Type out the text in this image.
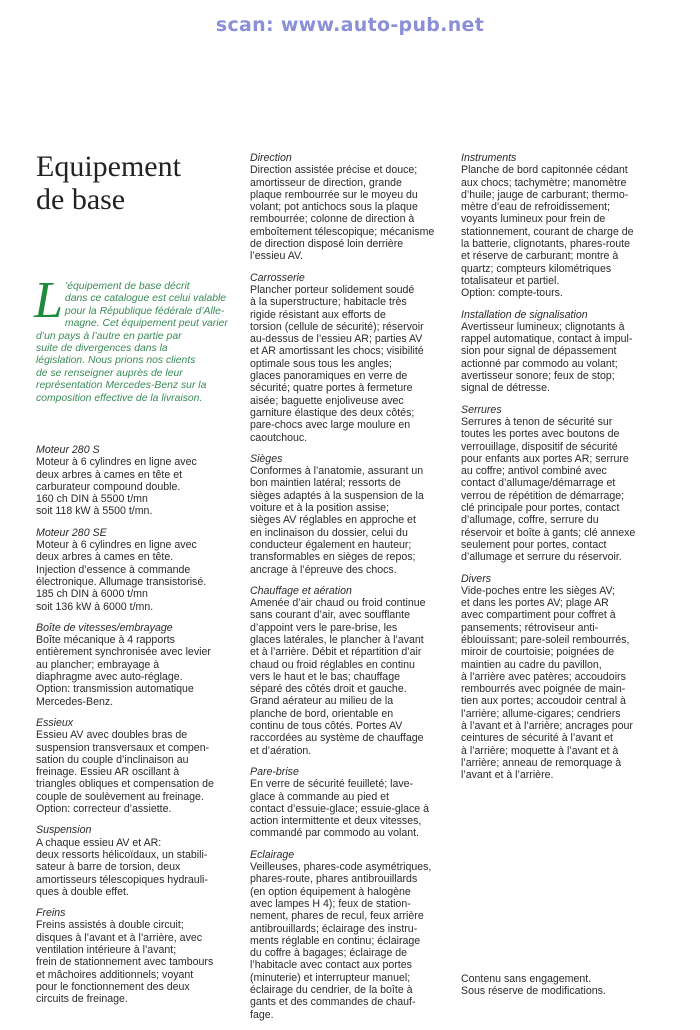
scan: www.auto-pub.net
Equipement
de base
L ’équipement de base décrit
dans ce catalogue est celui valable
pour la République fédérale d’Alle-
magne. Cet équipement peut varier
d’un pays à l’autre en partie par
suite de divergences dans la
législation. Nous prions nos clients
de se renseigner auprès de leur
représentation Mercedes-Benz sur la
composition effective de la livraison.
Moteur 280 S
Moteur à 6 cylindres en ligne avec
deux arbres à cames en tête et
carburateur compound double.
160 ch DIN à 5500 t/mn
soit 118 kW à 5500 t/mn.
Moteur 280 SE
Moteur à 6 cylindres en ligne avec
deux arbres à cames en tête.
Injection d’essence à commande
électronique. Allumage transistorisé.
185 ch DIN à 6000 t/mn
soit 136 kW à 6000 t/mn.
Boîte de vitesses/embrayage
Boîte mécanique à 4 rapports
entièrement synchronisée avec levier
au plancher; embrayage à
diaphragme avec auto-réglage.
Option: transmission automatique
Mercedes-Benz.
Essieux
Essieu AV avec doubles bras de
suspension transversaux et compen-
sation du couple d’inclinaison au
freinage. Essieu AR oscillant à
triangles obliques et compensation de
couple de soulèvement au freinage.
Option: correcteur d’assiette.
Suspension
A chaque essieu AV et AR:
deux ressorts hélicoïdaux, un stabili-
sateur à barre de torsion, deux
amortisseurs télescopiques hydrauli-
ques à double effet.
Freins
Freins assistés à double circuit;
disques à l’avant et à l’arrière, avec
ventilation intérieure à l’avant;
frein de stationnement avec tambours
et mâchoires additionnels; voyant
pour le fonctionnement des deux
circuits de freinage.
Direction
Direction assistée précise et douce;
amortisseur de direction, grande
plaque rembourrée sur le moyeu du
volant; pot antichocs sous la plaque
rembourrée; colonne de direction à
emboîtement télescopique; mécanisme
de direction disposé loin derrière
l’essieu AV.
Carrosserie
Plancher porteur solidement soudé
à la superstructure; habitacle très
rigide résistant aux efforts de
torsion (cellule de sécurité); réservoir
au-dessus de l’essieu AR; parties AV
et AR amortissant les chocs; visibilité
optimale sous tous les angles;
glaces panoramiques en verre de
sécurité; quatre portes à fermeture
aisée; baguette enjoliveuse avec
garniture élastique des deux côtés;
pare-chocs avec large moulure en
caoutchouc.
Sièges
Conformes à l’anatomie, assurant un
bon maintien latéral; ressorts de
sièges adaptés à la suspension de la
voiture et à la position assise;
sièges AV réglables en approche et
en inclinaison du dossier, celui du
conducteur également en hauteur;
transformables en sièges de repos;
ancrage à l’épreuve des chocs.
Chauffage et aération
Amenée d’air chaud ou froid continue
sans courant d’air, avec soufflante
d’appoint vers le pare-brise, les
glaces latérales, le plancher à l’avant
et à l’arrière. Débit et répartition d’air
chaud ou froid réglables en continu
vers le haut et le bas; chauffage
séparé des côtés droit et gauche.
Grand aérateur au milieu de la
planche de bord, orientable en
continu de tous côtés. Portes AV
raccordées au système de chauffage
et d’aération.
Pare-brise
En verre de sécurité feuilleté; lave-
glace à commande au pied et
contact d’essuie-glace; essuie-glace à
action intermittente et deux vitesses,
commandé par commodo au volant.
Eclairage
Veilleuses, phares-code asymétriques,
phares-route, phares antibrouillards
(en option équipement à halogène
avec lampes H 4); feux de station-
nement, phares de recul, feux arrière
antibrouillards; éclairage des instru-
ments réglable en continu; éclairage
du coffre à bagages; éclairage de
l’habitacle avec contact aux portes
(minuterie) et interrupteur manuel;
éclairage du cendrier, de la boîte à
gants et des commandes de chauf-
fage.
Instruments
Planche de bord capitonnée cédant
aux chocs; tachymètre; manomètre
d’huile; jauge de carburant; thermo-
mètre d’eau de refroidissement;
voyants lumineux pour frein de
stationnement, courant de charge de
la batterie, clignotants, phares-route
et réserve de carburant; montre à
quartz; compteurs kilométriques
totalisateur et partiel.
Option: compte-tours.
Installation de signalisation
Avertisseur lumineux; clignotants à
rappel automatique, contact à impul-
sion pour signal de dépassement
actionné par commodo au volant;
avertisseur sonore; feux de stop;
signal de détresse.
Serrures
Serrures à tenon de sécurité sur
toutes les portes avec boutons de
verrouillage, dispositif de sécurité
pour enfants aux portes AR; serrure
au coffre; antivol combiné avec
contact d’allumage/démarrage et
verrou de répétition de démarrage;
clé principale pour portes, contact
d’allumage, coffre, serrure du
réservoir et boîte à gants; clé annexe
seulement pour portes, contact
d’allumage et serrure du réservoir.
Divers
Vide-poches entre les sièges AV;
et dans les portes AV; plage AR
avec compartiment pour coffret à
pansements; rétroviseur anti-
éblouissant; pare-soleil rembourrés,
miroir de courtoisie; poignées de
maintien au cadre du pavillon,
à l’arrière avec patères; accoudoirs
rembourrés avec poignée de main-
tien aux portes; accoudoir central à
l’arrière; allume-cigares; cendriers
à l’avant et à l’arrière; ancrages pour
ceintures de sécurité à l’avant et
à l’arrière; moquette à l’avant et à
l’arrière; anneau de remorquage à
l’avant et à l’arrière.
Contenu sans engagement.
Sous réserve de modifications.
